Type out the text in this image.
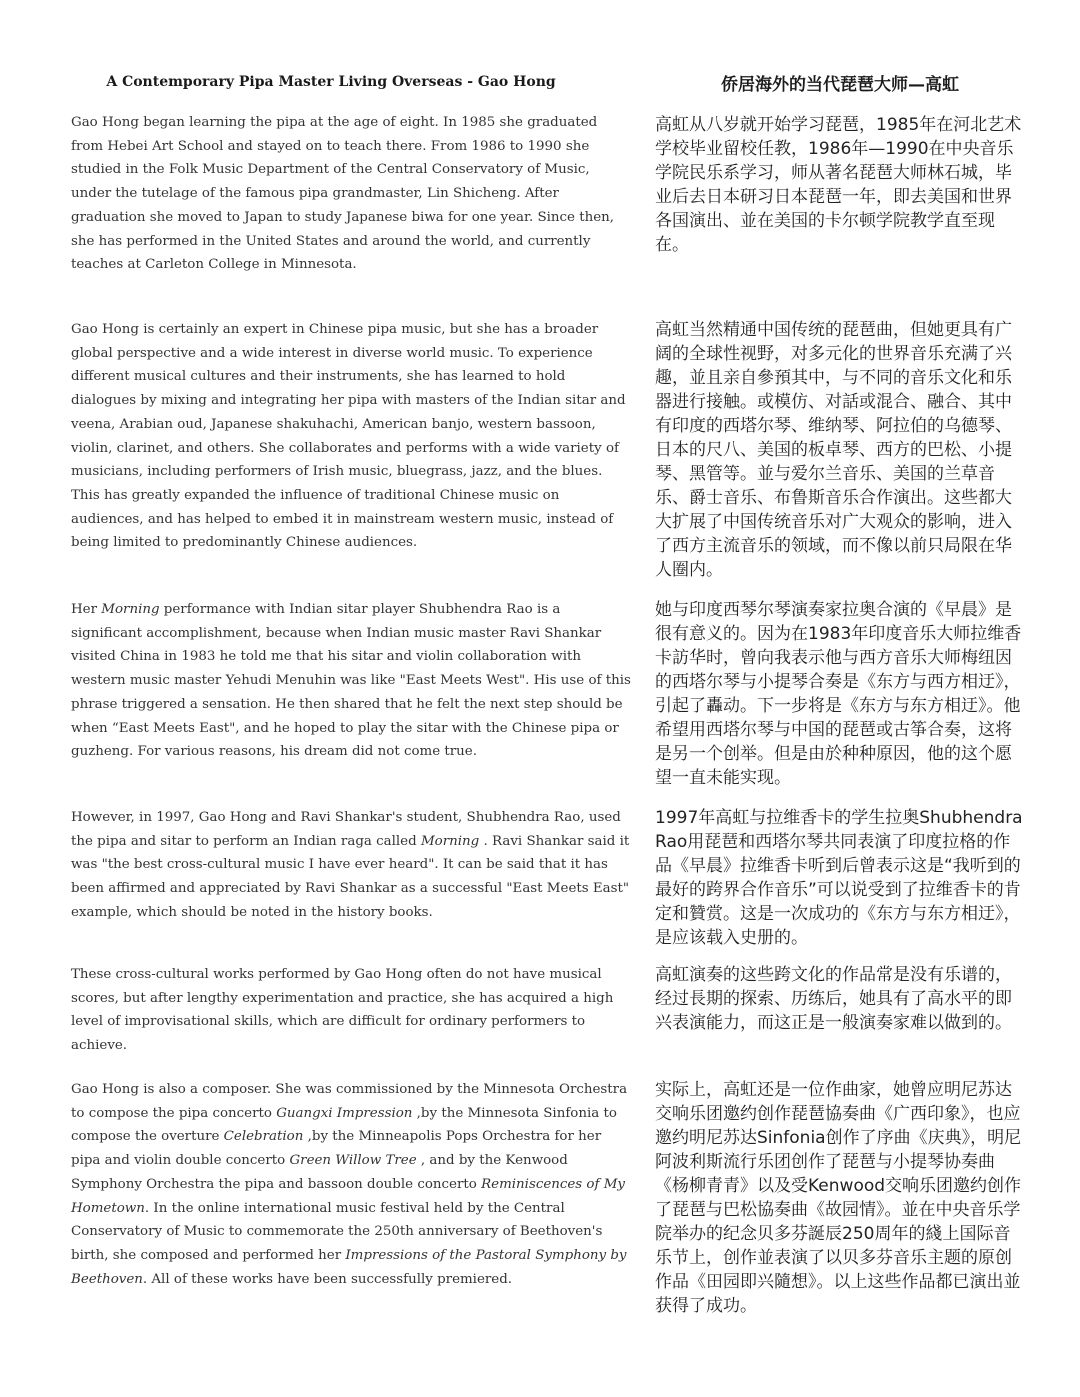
A Contemporary Pipa Master Living Overseas - Gao Hong

Gao Hong began learning the pipa at the age of eight. In 1985 she graduated from Hebei Art School and stayed on to teach there. From 1986 to 1990 she studied in the Folk Music Department of the Central Conservatory of Music, under the tutelage of the famous pipa grandmaster, Lin Shicheng. After graduation she moved to Japan to study Japanese biwa for one year. Since then, she has performed in the United States and around the world, and currently teaches at Carleton College in Minnesota.

Gao Hong is certainly an expert in Chinese pipa music, but she has a broader global perspective and a wide interest in diverse world music. To experience different musical cultures and their instruments, she has learned to hold dialogues by mixing and integrating her pipa with masters of the Indian sitar and veena, Arabian oud, Japanese shakuhachi, American banjo, western bassoon, violin, clarinet, and others. She collaborates and performs with a wide variety of musicians, including performers of Irish music, bluegrass, jazz, and the blues. This has greatly expanded the influence of traditional Chinese music on audiences, and has helped to embed it in mainstream western music, instead of being limited to predominantly Chinese audiences.

Her Morning performance with Indian sitar player Shubhendra Rao is a significant accomplishment, because when Indian music master Ravi Shankar visited China in 1983 he told me that his sitar and violin collaboration with western music master Yehudi Menuhin was like "East Meets West". His use of this phrase triggered a sensation. He then shared that he felt the next step should be when “East Meets East", and he hoped to play the sitar with the Chinese pipa or guzheng. For various reasons, his dream did not come true.

However, in 1997, Gao Hong and Ravi Shankar's student, Shubhendra Rao, used the pipa and sitar to perform an Indian raga called Morning . Ravi Shankar said it was "the best cross-cultural music I have ever heard". It can be said that it has been affirmed and appreciated by Ravi Shankar as a successful "East Meets East" example, which should be noted in the history books.

These cross-cultural works performed by Gao Hong often do not have musical scores, but after lengthy experimentation and practice, she has acquired a high level of improvisational skills, which are difficult for ordinary performers to achieve.

Gao Hong is also a composer. She was commissioned by the Minnesota Orchestra to compose the pipa concerto Guangxi Impression ,by the Minnesota Sinfonia to compose the overture Celebration ,by the Minneapolis Pops Orchestra for her pipa and violin double concerto Green Willow Tree , and by the Kenwood Symphony Orchestra the pipa and bassoon double concerto Reminiscences of My Hometown. In the online international music festival held by the Central Conservatory of Music to commemorate the 250th anniversary of Beethoven's birth, she composed and performed her Impressions of the Pastoral Symphony by Beethoven. All of these works have been successfully premiered.

侨居海外的当代琵琶大师—高虹

高虹从八岁就开始学习琵琶，1985年在河北艺术学校毕业留校任教，1986年—1990在中央音乐学院民乐系学习，师从著名琵琶大师林石城，毕业后去日本研习日本琵琶一年，即去美国和世界各国演出、並在美国的卡尔顿学院教学直至现在。

高虹当然精通中国传统的琵琶曲，但她更具有广阔的全球性视野，对多元化的世界音乐充满了兴趣，並且亲自參預其中，与不同的音乐文化和乐器进行接触。或模仿、对話或混合、融合、其中有印度的西塔尔琴、维纳琴、阿拉伯的乌德琴、日本的尺八、美国的板卓琴、西方的巴松、小提琴、黑管等。並与爱尔兰音乐、美国的兰草音乐、爵士音乐、布鲁斯音乐合作演出。这些都大大扩展了中国传统音乐对广大观众的影响，进入了西方主流音乐的领域，而不像以前只局限在华人圈内。

她与印度西琴尔琴演奏家拉奥合演的《早晨》是很有意义的。因为在1983年印度音乐大师拉维香卡訪华时，曾向我表示他与西方音乐大师梅纽因的西塔尔琴与小提琴合奏是《东方与西方相迂》，引起了轟动。下一步将是《东方与东方相迂》。他希望用西塔尔琴与中国的琵琶或古筝合奏，这将是另一个创举。但是由於种种原因，他的这个愿望一直未能实现。

1997年高虹与拉维香卡的学生拉奥Shubhendra Rao用琵琶和西塔尔琴共同表演了印度拉格的作品《早晨》拉维香卡听到后曾表示这是“我听到的最好的跨界合作音乐”可以说受到了拉维香卡的肯定和贊赏。这是一次成功的《东方与东方相迂》，是应该载入史册的。

高虹演奏的这些跨文化的作品常是没有乐谱的，经过長期的探索、历练后，她具有了高水平的即兴表演能力，而这正是一般演奏家难以做到的。

实际上，高虹还是一位作曲家，她曾应明尼苏达交响乐团邀约创作琵琶協奏曲《广西印象》，也应邀约明尼苏达Sinfonia创作了序曲《庆典》，明尼阿波利斯流行乐团创作了琵琶与小提琴协奏曲《杨柳青青》以及受Kenwood交响乐团邀约创作了琵琶与巴松協奏曲《故园情》。並在中央音乐学院举办的纪念贝多芬誕辰250周年的綫上国际音乐节上，创作並表演了以贝多芬音乐主题的原创作品《田园即兴隨想》。以上这些作品都已演出並获得了成功。
